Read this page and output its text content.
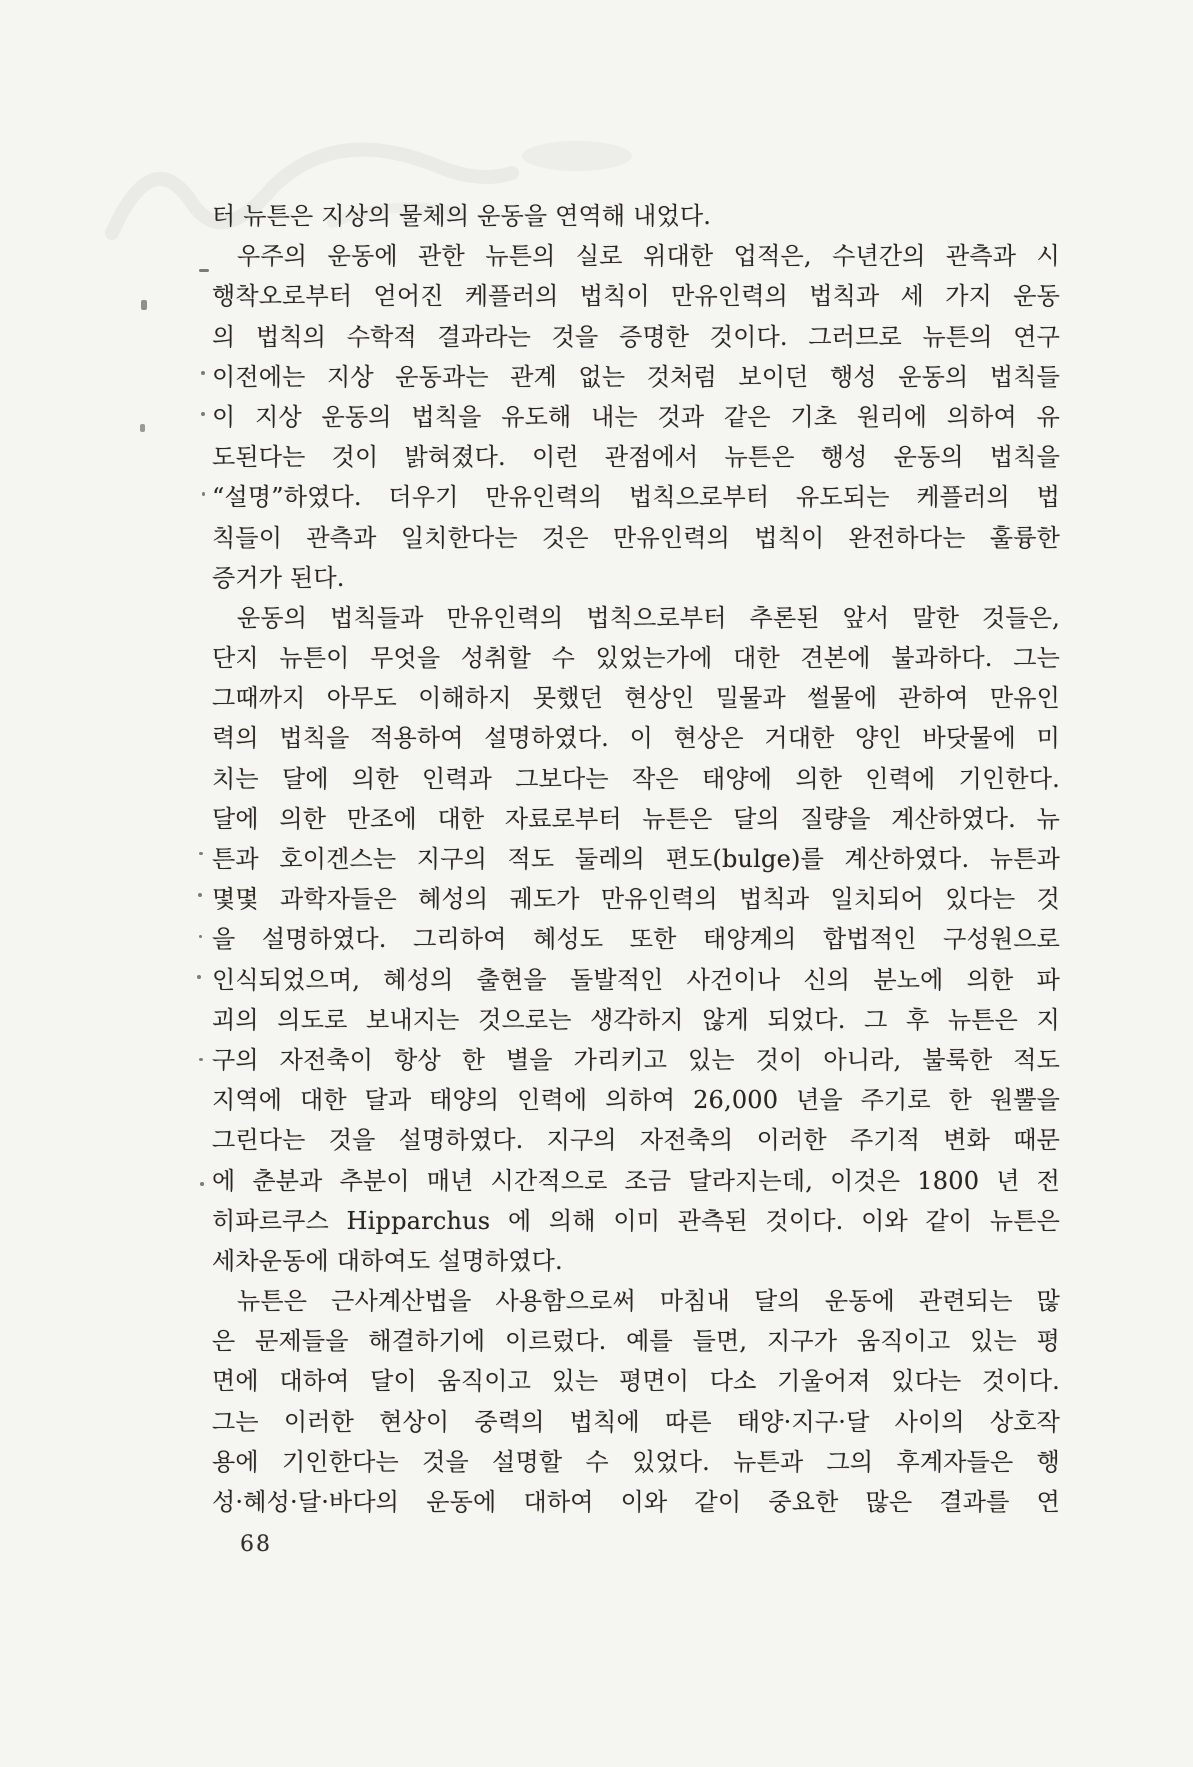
터 뉴튼은 지상의 물체의 운동을 연역해 내었다.
우주의 운동에 관한 뉴튼의 실로 위대한 업적은, 수년간의 관측과 시
행착오로부터 얻어진 케플러의 법칙이 만유인력의 법칙과 세 가지 운동
의 법칙의 수학적 결과라는 것을 증명한 것이다. 그러므로 뉴튼의 연구
이전에는 지상 운동과는 관계 없는 것처럼 보이던 행성 운동의 법칙들
이 지상 운동의 법칙을 유도해 내는 것과 같은 기초 원리에 의하여 유
도된다는 것이 밝혀졌다. 이런 관점에서 뉴튼은 행성 운동의 법칙을
“설명”하였다. 더우기 만유인력의 법칙으로부터 유도되는 케플러의 법
칙들이 관측과 일치한다는 것은 만유인력의 법칙이 완전하다는 훌륭한
증거가 된다.
운동의 법칙들과 만유인력의 법칙으로부터 추론된 앞서 말한 것들은,
단지 뉴튼이 무엇을 성취할 수 있었는가에 대한 견본에 불과하다. 그는
그때까지 아무도 이해하지 못했던 현상인 밀물과 썰물에 관하여 만유인
력의 법칙을 적용하여 설명하였다. 이 현상은 거대한 양인 바닷물에 미
치는 달에 의한 인력과 그보다는 작은 태양에 의한 인력에 기인한다.
달에 의한 만조에 대한 자료로부터 뉴튼은 달의 질량을 계산하였다. 뉴
튼과 호이겐스는 지구의 적도 둘레의 편도(bulge)를 계산하였다. 뉴튼과
몇몇 과학자들은 혜성의 궤도가 만유인력의 법칙과 일치되어 있다는 것
을 설명하였다. 그리하여 혜성도 또한 태양계의 합법적인 구성원으로
인식되었으며, 혜성의 출현을 돌발적인 사건이나 신의 분노에 의한 파
괴의 의도로 보내지는 것으로는 생각하지 않게 되었다. 그 후 뉴튼은 지
구의 자전축이 항상 한 별을 가리키고 있는 것이 아니라, 불룩한 적도
지역에 대한 달과 태양의 인력에 의하여 26,000 년을 주기로 한 원뿔을
그린다는 것을 설명하였다. 지구의 자전축의 이러한 주기적 변화 때문
에 춘분과 추분이 매년 시간적으로 조금 달라지는데, 이것은 1800 년 전
히파르쿠스 Hipparchus 에 의해 이미 관측된 것이다. 이와 같이 뉴튼은
세차운동에 대하여도 설명하였다.
뉴튼은 근사계산법을 사용함으로써 마침내 달의 운동에 관련되는 많
은 문제들을 해결하기에 이르렀다. 예를 들면, 지구가 움직이고 있는 평
면에 대하여 달이 움직이고 있는 평면이 다소 기울어져 있다는 것이다.
그는 이러한 현상이 중력의 법칙에 따른 태양·지구·달 사이의 상호작
용에 기인한다는 것을 설명할 수 있었다. 뉴튼과 그의 후계자들은 행
성·혜성·달·바다의 운동에 대하여 이와 같이 중요한 많은 결과를 연
68
